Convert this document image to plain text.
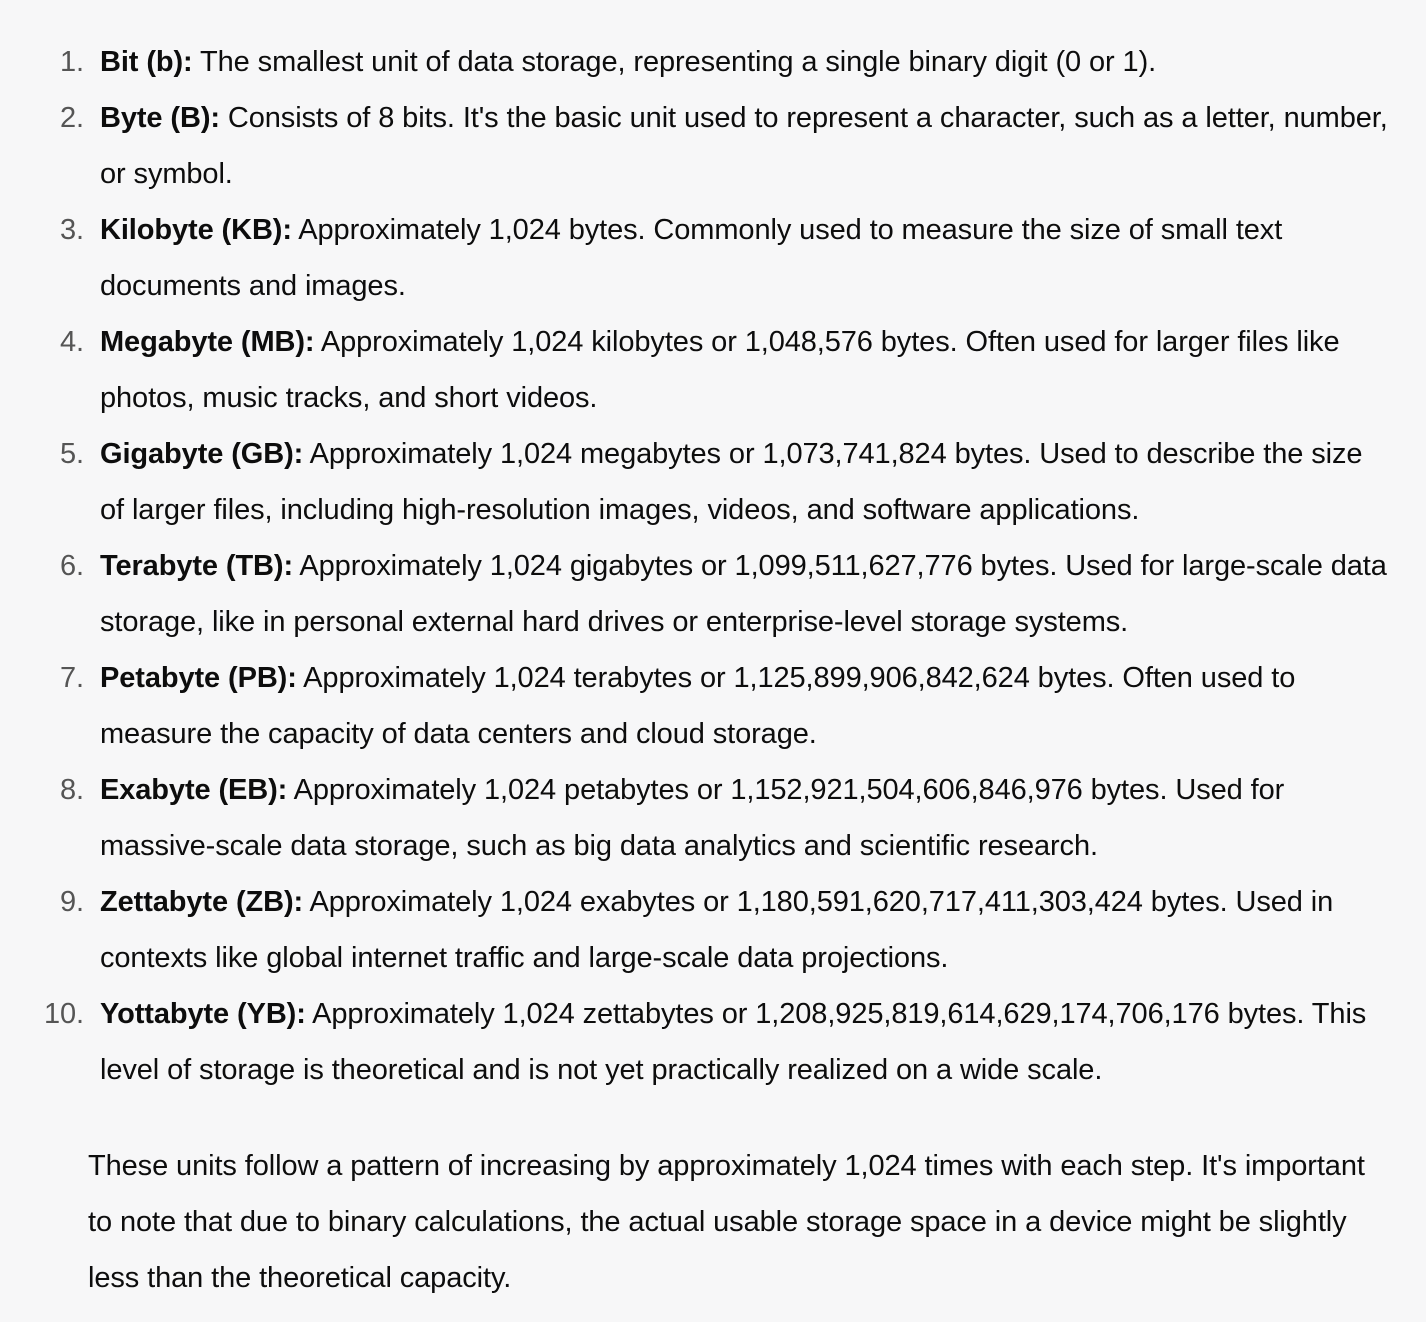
1. Bit (b): The smallest unit of data storage, representing a single binary digit (0 or 1).
2. Byte (B): Consists of 8 bits. It's the basic unit used to represent a character, such as a letter, number, or symbol.
3. Kilobyte (KB): Approximately 1,024 bytes. Commonly used to measure the size of small text documents and images.
4. Megabyte (MB): Approximately 1,024 kilobytes or 1,048,576 bytes. Often used for larger files like photos, music tracks, and short videos.
5. Gigabyte (GB): Approximately 1,024 megabytes or 1,073,741,824 bytes. Used to describe the size of larger files, including high-resolution images, videos, and software applications.
6. Terabyte (TB): Approximately 1,024 gigabytes or 1,099,511,627,776 bytes. Used for large-scale data storage, like in personal external hard drives or enterprise-level storage systems.
7. Petabyte (PB): Approximately 1,024 terabytes or 1,125,899,906,842,624 bytes. Often used to measure the capacity of data centers and cloud storage.
8. Exabyte (EB): Approximately 1,024 petabytes or 1,152,921,504,606,846,976 bytes. Used for massive-scale data storage, such as big data analytics and scientific research.
9. Zettabyte (ZB): Approximately 1,024 exabytes or 1,180,591,620,717,411,303,424 bytes. Used in contexts like global internet traffic and large-scale data projections.
10. Yottabyte (YB): Approximately 1,024 zettabytes or 1,208,925,819,614,629,174,706,176 bytes. This level of storage is theoretical and is not yet practically realized on a wide scale.

These units follow a pattern of increasing by approximately 1,024 times with each step. It's important to note that due to binary calculations, the actual usable storage space in a device might be slightly less than the theoretical capacity.
